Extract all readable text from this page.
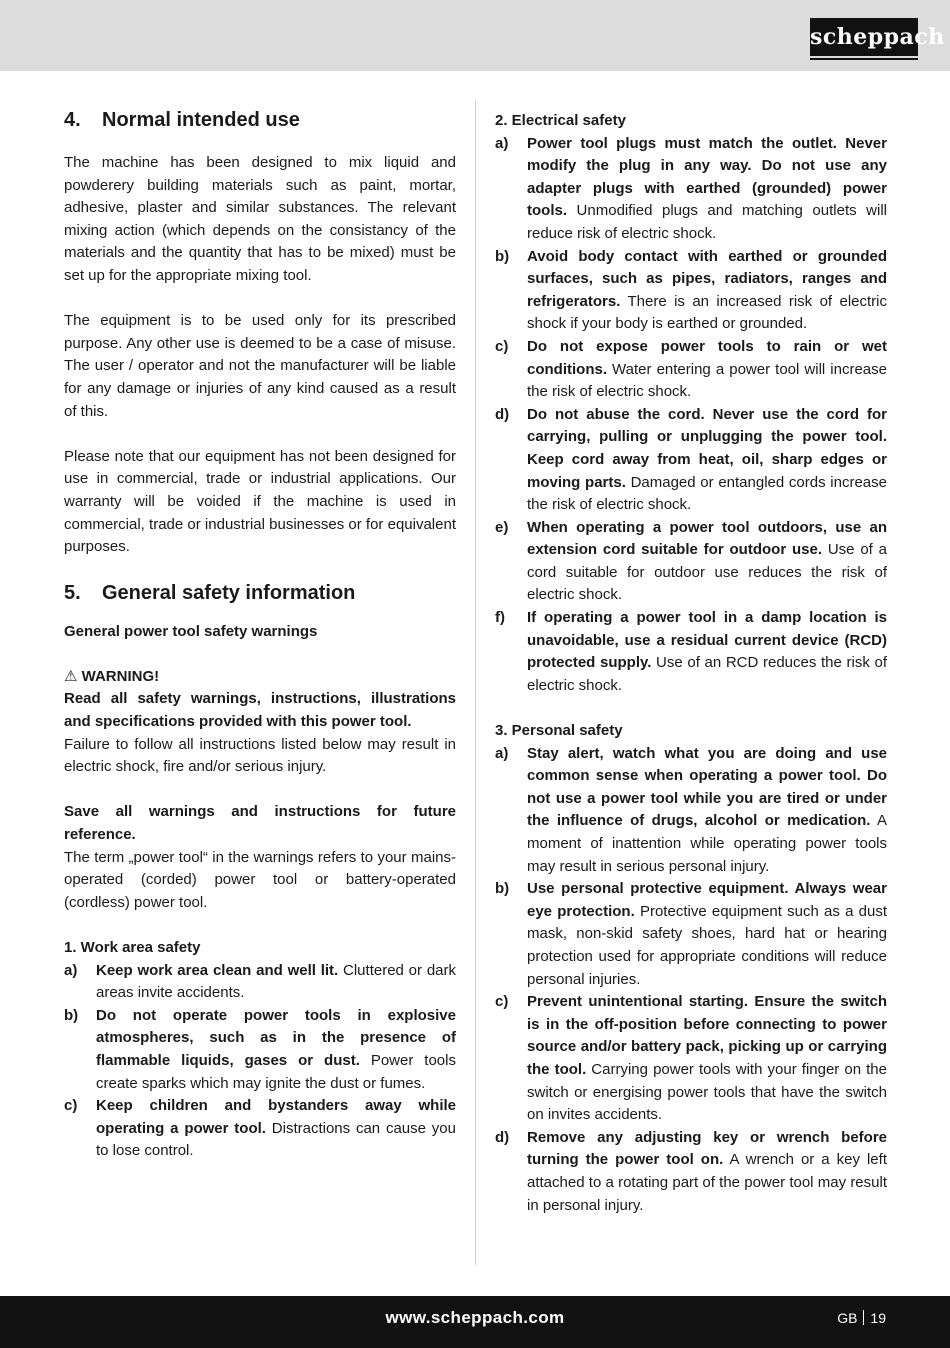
scheppach
4.	Normal intended use

The machine has been designed to mix liquid and powderery building materials such as paint, mortar, adhesive, plaster and similar substances. The relevant mixing action (which depends on the consistancy of the materials and the quantity that has to be mixed) must be set up for the appropriate mixing tool.

The equipment is to be used only for its prescribed purpose. Any other use is deemed to be a case of misuse. The user / operator and not the manufacturer will be liable for any damage or injuries of any kind caused as a result of this.

Please note that our equipment has not been designed for use in commercial, trade or industrial applications. Our warranty will be voided if the machine is used in commercial, trade or industrial businesses or for equivalent purposes.

5.	General safety information

General power tool safety warnings

⚠ WARNING!

Read all safety warnings, instructions, illustrations and specifications provided with this power tool.

Failure to follow all instructions listed below may result in electric shock, fire and/or serious injury.

Save all warnings and instructions for future reference.

The term „power tool“ in the warnings refers to your mains-operated (corded) power tool or battery-operated (cordless) power tool.

1. Work area safety

a)	Keep work area clean and well lit. Cluttered or dark areas invite accidents.
b)	Do not operate power tools in explosive atmospheres, such as in the presence of flammable liquids, gases or dust. Power tools create sparks which may ignite the dust or fumes.
c)	Keep children and bystanders away while operating a power tool. Distractions can cause you to lose control.

2. Electrical safety

a)	Power tool plugs must match the outlet. Never modify the plug in any way. Do not use any adapter plugs with earthed (grounded) power tools. Unmodified plugs and matching outlets will reduce risk of electric shock.
b)	Avoid body contact with earthed or grounded surfaces, such as pipes, radiators, ranges and refrigerators. There is an increased risk of electric shock if your body is earthed or grounded.
c)	Do not expose power tools to rain or wet conditions. Water entering a power tool will increase the risk of electric shock.
d)	Do not abuse the cord. Never use the cord for carrying, pulling or unplugging the power tool. Keep cord away from heat, oil, sharp edges or moving parts. Damaged or entangled cords increase the risk of electric shock.
e)	When operating a power tool outdoors, use an extension cord suitable for outdoor use. Use of a cord suitable for outdoor use reduces the risk of electric shock.
f)	If operating a power tool in a damp location is unavoidable, use a residual current device (RCD) protected supply. Use of an RCD reduces the risk of electric shock.

3. Personal safety

a)	Stay alert, watch what you are doing and use common sense when operating a power tool. Do not use a power tool while you are tired or under the influence of drugs, alcohol or medication. A moment of inattention while operating power tools may result in serious personal injury.
b)	Use personal protective equipment. Always wear eye protection. Protective equipment such as a dust mask, non-skid safety shoes, hard hat or hearing protection used for appropriate conditions will reduce personal injuries.
c)	Prevent unintentional starting. Ensure the switch is in the off-position before connecting to power source and/or battery pack, picking up or carrying the tool. Carrying power tools with your finger on the switch or energising power tools that have the switch on invites accidents.
d)	Remove any adjusting key or wrench before turning the power tool on. A wrench or a key left attached to a rotating part of the power tool may result in personal injury.
www.scheppach.com	GB 19
